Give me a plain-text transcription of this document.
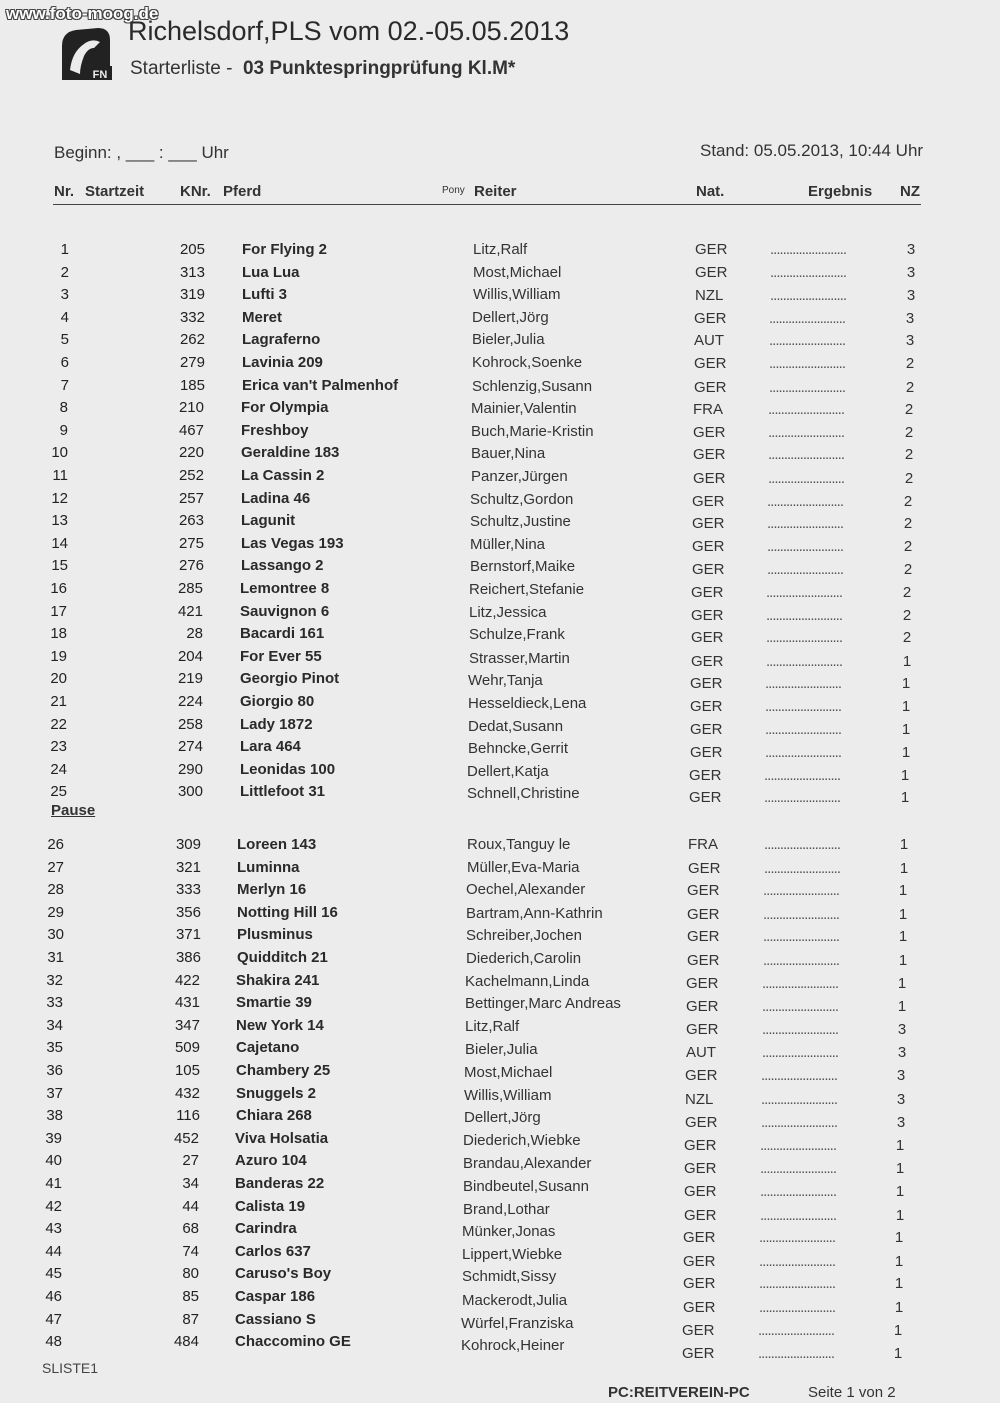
www.foto-moog.de
FN
Richelsdorf,PLS vom 02.-05.05.2013
Starterliste - 03 Punktespringprüfung Kl.M*
Beginn: , ___ : ___ Uhr	Stand: 05.05.2013, 10:44 Uhr
Nr. Startzeit KNr. Pferd	Pony Reiter	Nat.	Ergebnis NZ
1	205 For Flying 2	Litz,Ralf	GER	........................	3
2	313 Lua Lua	Most,Michael	GER	........................	3
3	319 Lufti 3	Willis,William	NZL	........................	3
4	332 Meret	Dellert,Jörg	GER	........................	3
5	262 Lagraferno	Bieler,Julia	AUT	........................	3
6	279 Lavinia 209	Kohrock,Soenke	GER	........................	2
7	185 Erica van't Palmenhof	Schlenzig,Susann	GER	........................	2
8	210 For Olympia	Mainier,Valentin	FRA	........................	2
9	467 Freshboy	Buch,Marie-Kristin	GER	........................	2
10	220 Geraldine 183	Bauer,Nina	GER	........................	2
11	252 La Cassin 2	Panzer,Jürgen	GER	........................	2
12	257 Ladina 46	Schultz,Gordon	GER	........................	2
13	263 Lagunit	Schultz,Justine	GER	........................	2
14	275 Las Vegas 193	Müller,Nina	GER	........................	2
15	276 Lassango 2	Bernstorf,Maike	GER	........................	2
16	285 Lemontree 8	Reichert,Stefanie	GER	........................	2
17	421 Sauvignon 6	Litz,Jessica	GER	........................	2
18	28 Bacardi 161	Schulze,Frank	GER	........................	2
19	204 For Ever 55	Strasser,Martin	GER	........................	1
20	219 Georgio Pinot	Wehr,Tanja	GER	........................	1
21	224 Giorgio 80	Hesseldieck,Lena	GER	........................	1
22	258 Lady 1872	Dedat,Susann	GER	........................	1
23	274 Lara 464	Behncke,Gerrit	GER	........................	1
24	290 Leonidas 100	Dellert,Katja	GER	........................	1
25	300 Littlefoot 31	Schnell,Christine	GER	........................	1
Pause
26	309 Loreen 143	Roux,Tanguy le	FRA	........................	1
27	321 Luminna	Müller,Eva-Maria	GER	........................	1
28	333 Merlyn 16	Oechel,Alexander	GER	........................	1
29	356 Notting Hill 16	Bartram,Ann-Kathrin	GER	........................	1
30	371 Plusminus	Schreiber,Jochen	GER	........................	1
31	386 Quidditch 21	Diederich,Carolin	GER	........................	1
32	422 Shakira 241	Kachelmann,Linda	GER	........................	1
33	431 Smartie 39	Bettinger,Marc Andreas	GER	........................	1
34	347 New York 14	Litz,Ralf	GER	........................	3
35	509 Cajetano	Bieler,Julia	AUT	........................	3
36	105 Chambery 25	Most,Michael	GER	........................	3
37	432 Snuggels 2	Willis,William	NZL	........................	3
38	116 Chiara 268	Dellert,Jörg	GER	........................	3
39	452 Viva Holsatia	Diederich,Wiebke	GER	........................	1
40	27 Azuro 104	Brandau,Alexander	GER	........................	1
41	34 Banderas 22	Bindbeutel,Susann	GER	........................	1
42	44 Calista 19	Brand,Lothar	GER	........................	1
43	68 Carindra	Münker,Jonas	GER	........................	1
44	74 Carlos 637	Lippert,Wiebke	GER	........................	1
45	80 Caruso's Boy	Schmidt,Sissy	GER	........................	1
46	85 Caspar 186	Mackerodt,Julia	GER	........................	1
47	87 Cassiano S	Würfel,Franziska	GER	........................	1
48	484 Chaccomino GE	Kohrock,Heiner	GER	........................	1
SLISTE1
PC:REITVEREIN-PC	Seite 1 von 2
